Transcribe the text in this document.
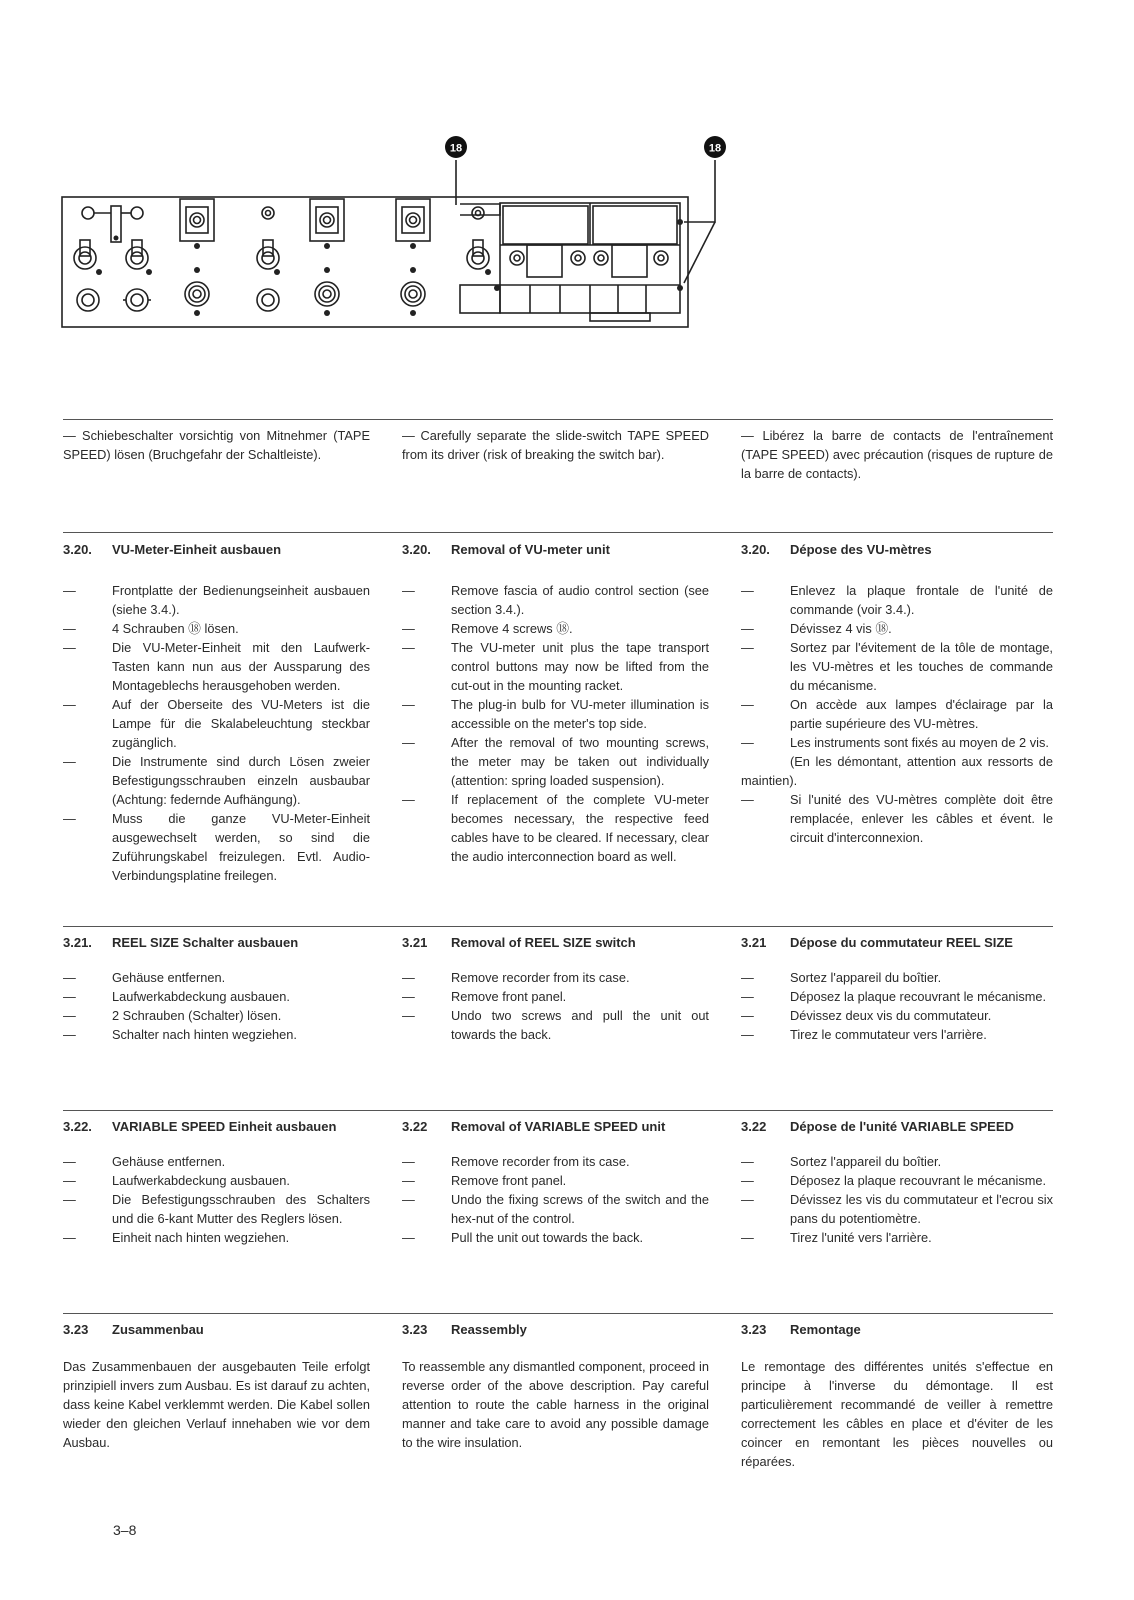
18	18
— Schiebeschalter vorsichtig von Mitnehmer (TAPE SPEED) lösen (Bruchgefahr der Schaltleiste).
— Carefully separate the slide-switch TAPE SPEED from its driver (risk of breaking the switch bar).
— Libérez la barre de contacts de l'entraînement (TAPE SPEED) avec précaution (risques de rupture de la barre de contacts).
3.20.	VU-Meter-Einheit ausbauen
—	Frontplatte der Bedienungseinheit ausbauen (siehe 3.4.).
—	4 Schrauben ⑱ lösen.
—	Die VU-Meter-Einheit mit den Laufwerk-Tasten kann nun aus der Aussparung des Montageblechs herausgehoben werden.
—	Auf der Oberseite des VU-Meters ist die Lampe für die Skalabeleuchtung steckbar zugänglich.
—	Die Instrumente sind durch Lösen zweier Befestigungsschrauben einzeln ausbaubar (Achtung: federnde Aufhängung).
—	Muss die ganze VU-Meter-Einheit ausgewechselt werden, so sind die Zuführungskabel freizulegen. Evtl. Audio-Verbindungsplatine freilegen.
3.20.	Removal of VU-meter unit
—	Remove fascia of audio control section (see section 3.4.).
—	Remove 4 screws ⑱.
—	The VU-meter unit plus the tape transport control buttons may now be lifted from the cut-out in the mounting racket.
—	The plug-in bulb for VU-meter illumination is accessible on the meter's top side.
—	After the removal of two mounting screws, the meter may be taken out individually (attention: spring loaded suspension).
—	If replacement of the complete VU-meter becomes necessary, the respective feed cables have to be cleared. If necessary, clear the audio interconnection board as well.
3.20.	Dépose des VU-mètres
—	Enlevez la plaque frontale de l'unité de commande (voir 3.4.).
—	Dévissez 4 vis ⑱.
—	Sortez par l'évitement de la tôle de montage, les VU-mètres et les touches de commande du mécanisme.
—	On accède aux lampes d'éclairage par la partie supérieure des VU-mètres.
—	Les instruments sont fixés au moyen de 2 vis.
(En les démontant, attention aux ressorts de maintien).
—	Si l'unité des VU-mètres complète doit être remplacée, enlever les câbles et évent. le circuit d'interconnexion.
3.21.	REEL SIZE Schalter ausbauen
—	Gehäuse entfernen.
—	Laufwerkabdeckung ausbauen.
—	2 Schrauben (Schalter) lösen.
—	Schalter nach hinten wegziehen.
3.21	Removal of REEL SIZE switch
—	Remove recorder from its case.
—	Remove front panel.
—	Undo two screws and pull the unit out towards the back.
3.21	Dépose du commutateur REEL SIZE
—	Sortez l'appareil du boîtier.
—	Déposez la plaque recouvrant le mécanisme.
—	Dévissez deux vis du commutateur.
—	Tirez le commutateur vers l'arrière.
3.22.	VARIABLE SPEED Einheit ausbauen
—	Gehäuse entfernen.
—	Laufwerkabdeckung ausbauen.
—	Die Befestigungsschrauben des Schalters und die 6-kant Mutter des Reglers lösen.
—	Einheit nach hinten wegziehen.
3.22	Removal of VARIABLE SPEED unit
—	Remove recorder from its case.
—	Remove front panel.
—	Undo the fixing screws of the switch and the hex-nut of the control.
—	Pull the unit out towards the back.
3.22	Dépose de l'unité VARIABLE SPEED
—	Sortez l'appareil du boîtier.
—	Déposez la plaque recouvrant le mécanisme.
—	Dévissez les vis du commutateur et l'ecrou six pans du potentiomètre.
—	Tirez l'unité vers l'arrière.
3.23	Zusammenbau
Das Zusammenbauen der ausgebauten Teile erfolgt prinzipiell invers zum Ausbau. Es ist darauf zu achten, dass keine Kabel verklemmt werden. Die Kabel sollen wieder den gleichen Verlauf innehaben wie vor dem Ausbau.
3.23	Reassembly
To reassemble any dismantled component, proceed in reverse order of the above description. Pay careful attention to route the cable harness in the original manner and take care to avoid any possible damage to the wire insulation.
3.23	Remontage
Le remontage des différentes unités s'effectue en principe à l'inverse du démontage. Il est particulièrement recommandé de veiller à remettre correctement les câbles en place et d'éviter de les coincer en remontant les pièces nouvelles ou réparées.
3–8
